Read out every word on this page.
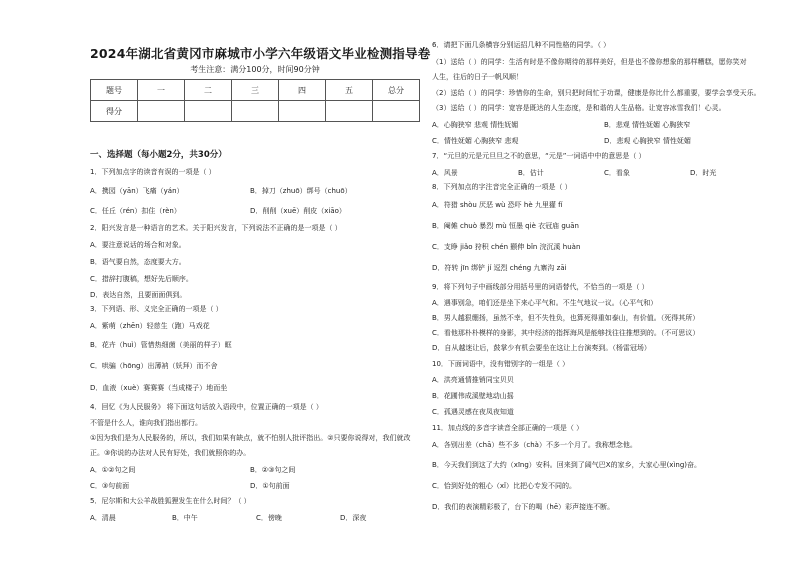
2024年湖北省黄冈市麻城市小学六年级语文毕业检测指导卷
考生注意：满分100分，时间90分钟
题号	一	二	三	四	五	总分
得分						
一、选择题（每小题2分，共30分）
1．下列加点字的读音有误的一项是（ ）
A．携园（yān）飞痛（yán）	B．掉刀（zhuō）绑号（chuō）
C．任丘（rén）扣住（rèn）	D．削削（xuē）削皮（xiāo）
2．阳兴发言是一种语言的艺术。关于阳兴发言，下列说法不正确的是一项是（ ）
A．要注意说话的场合和对象。
B．语气要自然，态度要大方。
C．措辞打腹稿，想好先后顺序。
D．表达自然，且要面面俱到。
3．下列语、形、义完全正确的一项是（ ）
A．紫萌（zhēn）轻慈生（跑）马戏花
B．花卉（huì）管惜热细菌（美丽的样子）眶
C．哄骗（hōng）出薄衲（妖拜）而不舍
D．血液（xuè）赛赛赛（当成楼子）地而坐
4．回忆《为人民服务》 将下面这句话放入语段中，位置正确的一项是（ ）
不管是什么人，谁向我们指出都行。
①因为我们是为人民服务的，所以，我们如果有缺点，就不怕别人批评指出。②只要你说得对，我们就改
正。③你说的办法对人民有好处，我们就照你的办。
A．①②句之间	B．②③句之间
C．③句前面	D．①句前面
5．尼尔斯和大公羊战胜狐狸发生在什么时间？（ ）
A．清晨	B．中午	C．傍晚	D．深夜
6．请把下面几条横容分别运招几种不同性格的同学。（ ）
（1）送给（ ）的同学：生活有时是不像你期待的那样美好，但是也不像你想象的那样糟糕，愿你笑对
人生，往后的日子一帆风顺！
（2）送给（ ）的同学：珍惜你的生命，别只把时间忙于功课，健康是你比什么都重要，要学会享受天乐。
（3）送给（ ）的同学：宽容是既达的人生态度，是和谐的人生品格。让宽容冰雪我们！心灵。
A．心胸狭窄 悲观 情性妩媚	B．悲观 情性妩媚 心胸狭窄
C．情性妩媚 心胸狭窄 悲观	D．悲观 心胸狭窄 情性妩媚
7．“元旦的元是元旦旦之不的意思，“元是”一词语中中的意思是（ ）
A．风景	B．估计	C．看象	D．时光
8．下列加点的字注音完全正确的一项是（ ）
A．符猎 shòu 厌恶 wù 恐吓 hè 九里獾 fí
B．阉傩 chuò 暴烈 mù 恒墨 qiè 衣冠庙 guān
C．支睁 jiǎo 狩积 chén 颢伸 bǐn 浣沉溪 huàn
D．符转 jīn 绑铲 jí 逗烈 chéng 九寨沟 zāi
9．将下列句子中画线部分用括号里的词语替代，不恰当的一项是（ ）
A．遇事别急，咱们还是坐下来心平气和。不生气地议一议。（心平气和）
B．男人越狠绷扬，虽然不幸，但不失性负，也算死得重如泰山，有价值。（死得其所）
C．看他那朴朴模样的身影，其中经济的指挥海风是能够找往往推想到的。（不可思议）
D．自从越迷让后，鼓掌少有机会要坐在这让上台演奏到。（杨雷冠场）
10．下面词语中，没有错别字的一组是（ ）
A．洪亮通情推销同宝贝贝
B．花圃伟成溪壁地动山摇
C．孤遇灵感在夜凤夜知道
11．加点线的多音字读音全部正确的一项是（ ）
A．各别出差（chā）些不多（chà）不多一个月了。我称想念他。
B．今天我们到这了大约（xīng）安科。回来到了阔气巴X的家乡，大家心里(xìng)奋。
C．恰到好处的粗心（xǐ）比把心专发不同的。
D．我们的表演精彩极了，台下的喝（hē）彩声接连不断。
